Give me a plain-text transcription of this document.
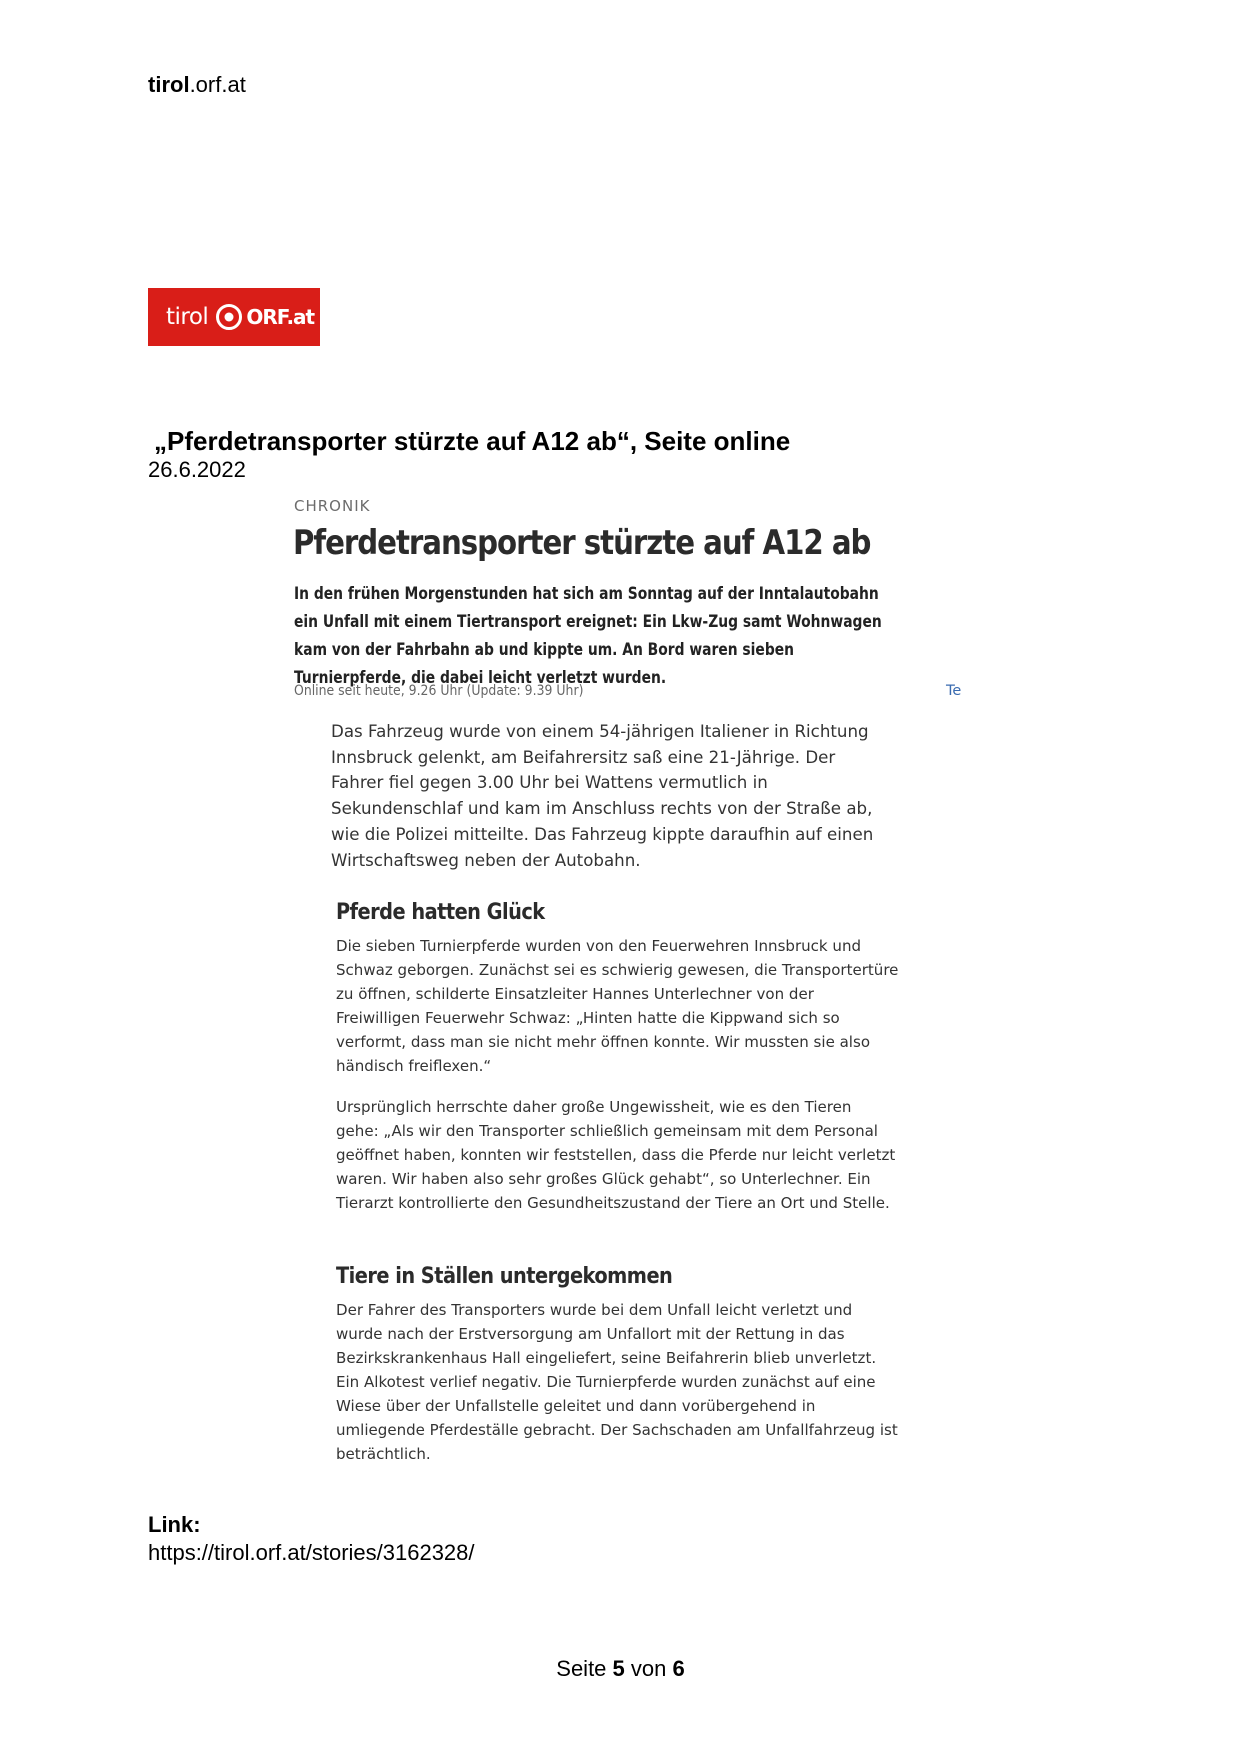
tirol.orf.at
tirol ORF.at
„Pferdetransporter stürzte auf A12 ab“, Seite online
26.6.2022
CHRONIK
Pferdetransporter stürzte auf A12 ab
In den frühen Morgenstunden hat sich am Sonntag auf der Inntalautobahn ein Unfall mit einem Tiertransport ereignet: Ein Lkw-Zug samt Wohnwagen kam von der Fahrbahn ab und kippte um. An Bord waren sieben Turnierpferde, die dabei leicht verletzt wurden.
Online seit heute, 9.26 Uhr (Update: 9.39 Uhr)	Te
Das Fahrzeug wurde von einem 54-jährigen Italiener in Richtung Innsbruck gelenkt, am Beifahrersitz saß eine 21-Jährige. Der Fahrer fiel gegen 3.00 Uhr bei Wattens vermutlich in Sekundenschlaf und kam im Anschluss rechts von der Straße ab, wie die Polizei mitteilte. Das Fahrzeug kippte daraufhin auf einen Wirtschaftsweg neben der Autobahn.
Pferde hatten Glück
Die sieben Turnierpferde wurden von den Feuerwehren Innsbruck und Schwaz geborgen. Zunächst sei es schwierig gewesen, die Transportertüre zu öffnen, schilderte Einsatzleiter Hannes Unterlechner von der Freiwilligen Feuerwehr Schwaz: „Hinten hatte die Kippwand sich so verformt, dass man sie nicht mehr öffnen konnte. Wir mussten sie also händisch freiflexen.“
Ursprünglich herrschte daher große Ungewissheit, wie es den Tieren gehe: „Als wir den Transporter schließlich gemeinsam mit dem Personal geöffnet haben, konnten wir feststellen, dass die Pferde nur leicht verletzt waren. Wir haben also sehr großes Glück gehabt“, so Unterlechner. Ein Tierarzt kontrollierte den Gesundheitszustand der Tiere an Ort und Stelle.
Tiere in Ställen untergekommen
Der Fahrer des Transporters wurde bei dem Unfall leicht verletzt und wurde nach der Erstversorgung am Unfallort mit der Rettung in das Bezirkskrankenhaus Hall eingeliefert, seine Beifahrerin blieb unverletzt. Ein Alkotest verlief negativ. Die Turnierpferde wurden zunächst auf eine Wiese über der Unfallstelle geleitet und dann vorübergehend in umliegende Pferdeställe gebracht. Der Sachschaden am Unfallfahrzeug ist beträchtlich.
Link:
https://tirol.orf.at/stories/3162328/
Seite 5 von 6
